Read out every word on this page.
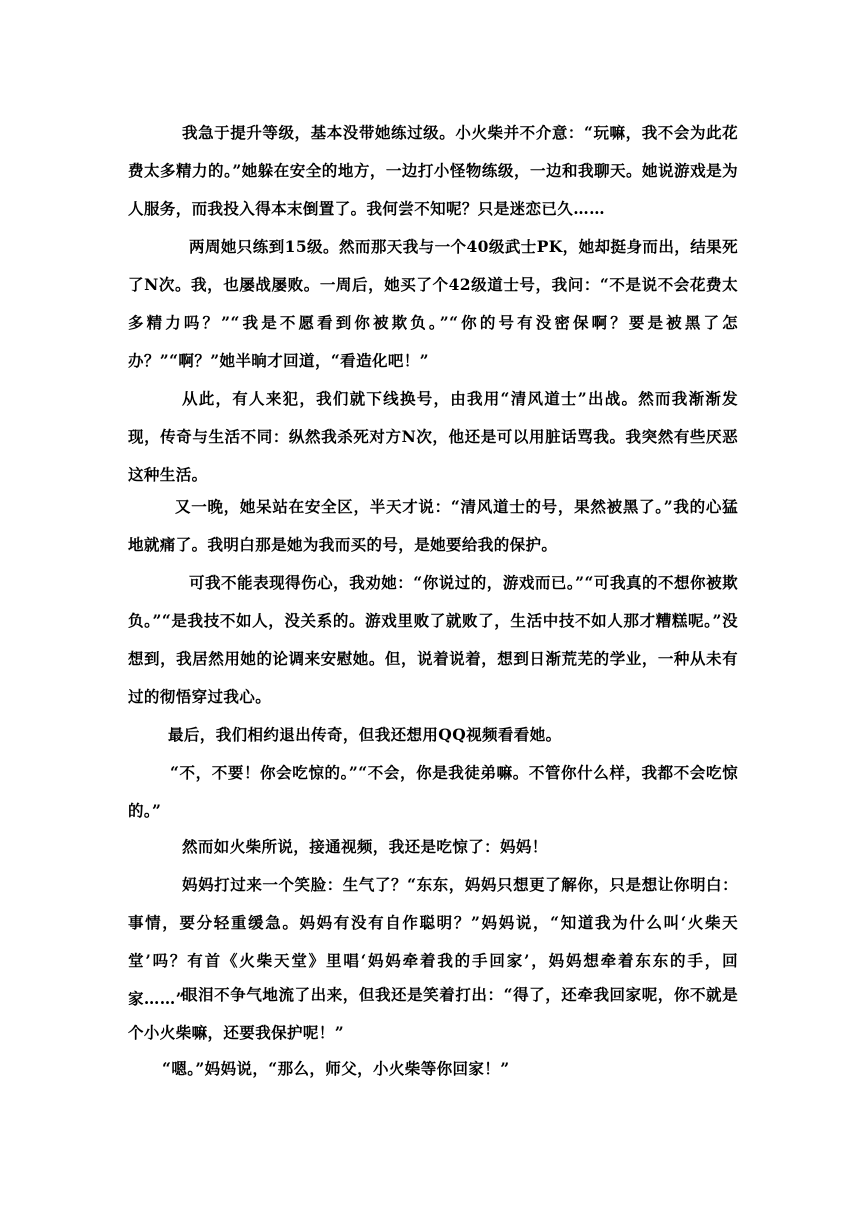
我急于提升等级，基本没带她练过级。小火柴并不介意：“玩嘛，我不会为此花费太多精力的。”她躲在安全的地方，一边打小怪物练级，一边和我聊天。她说游戏是为人服务，而我投入得本末倒置了。我何尝不知呢？只是迷恋已久……

两周她只练到15级。然而那天我与一个40级武士PK，她却挺身而出，结果死了N次。我，也屡战屡败。一周后，她买了个42级道士号，我问：“不是说不会花费太多精力吗？”“我是不愿看到你被欺负。”“你的号有没密保啊？要是被黑了怎办？”“啊？”她半晌才回道，“看造化吧！”

从此，有人来犯，我们就下线换号，由我用“清风道士”出战。然而我渐渐发现，传奇与生活不同：纵然我杀死对方N次，他还是可以用脏话骂我。我突然有些厌恶这种生活。

又一晚，她呆站在安全区，半天才说：“清风道士的号，果然被黑了。”我的心猛地就痛了。我明白那是她为我而买的号，是她要给我的保护。

可我不能表现得伤心，我劝她：“你说过的，游戏而已。”“可我真的不想你被欺负。”“是我技不如人，没关系的。游戏里败了就败了，生活中技不如人那才糟糕呢。”没想到，我居然用她的论调来安慰她。但，说着说着，想到日渐荒芜的学业，一种从未有过的彻悟穿过我心。

最后，我们相约退出传奇，但我还想用QQ视频看看她。

“不，不要！你会吃惊的。”“不会，你是我徒弟嘛。不管你什么样，我都不会吃惊的。”

然而如火柴所说，接通视频，我还是吃惊了：妈妈！

妈妈打过来一个笑脸：生气了？“东东，妈妈只想更了解你，只是想让你明白：事情，要分轻重缓急。妈妈有没有自作聪明？”妈妈说，“知道我为什么叫‘火柴天堂’吗？有首《火柴天堂》里唱‘妈妈牵着我的手回家’，妈妈想牵着东东的手，回家……”

眼泪不争气地流了出来，但我还是笑着打出：“得了，还牵我回家呢，你不就是个小火柴嘛，还要我保护呢！”

“嗯。”妈妈说，“那么，师父，小火柴等你回家！”
